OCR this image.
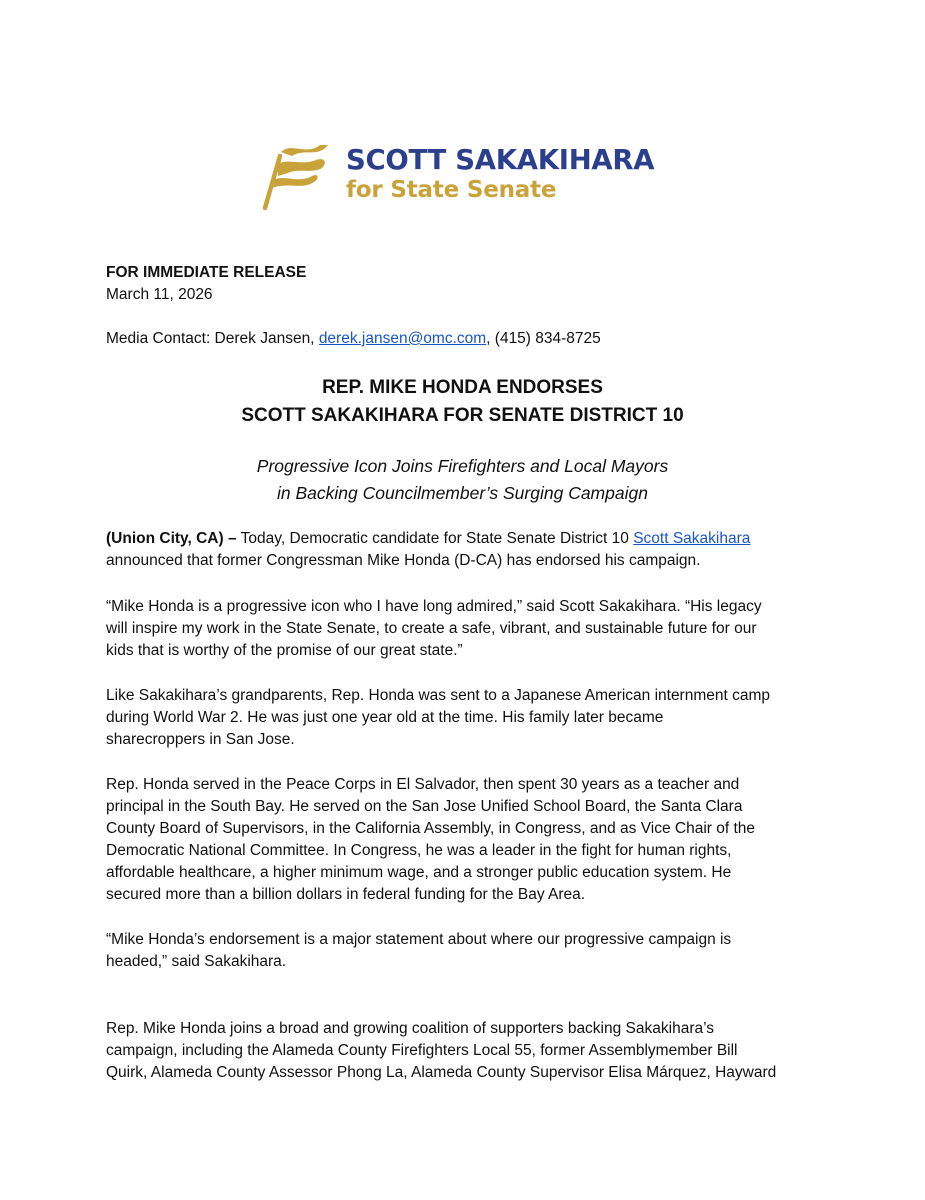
SCOTT SAKAKIHARA
for State Senate
FOR IMMEDIATE RELEASE
March 11, 2026
Media Contact: Derek Jansen, derek.jansen@omc.com, (415) 834-8725
REP. MIKE HONDA ENDORSES
SCOTT SAKAKIHARA FOR SENATE DISTRICT 10
Progressive Icon Joins Firefighters and Local Mayors
in Backing Councilmember’s Surging Campaign
(Union City, CA) – Today, Democratic candidate for State Senate District 10 Scott Sakakihara
announced that former Congressman Mike Honda (D-CA) has endorsed his campaign.
“Mike Honda is a progressive icon who I have long admired,” said Scott Sakakihara. “His legacy
will inspire my work in the State Senate, to create a safe, vibrant, and sustainable future for our
kids that is worthy of the promise of our great state.”
Like Sakakihara’s grandparents, Rep. Honda was sent to a Japanese American internment camp
during World War 2. He was just one year old at the time. His family later became
sharecroppers in San Jose.
Rep. Honda served in the Peace Corps in El Salvador, then spent 30 years as a teacher and
principal in the South Bay. He served on the San Jose Unified School Board, the Santa Clara
County Board of Supervisors, in the California Assembly, in Congress, and as Vice Chair of the
Democratic National Committee. In Congress, he was a leader in the fight for human rights,
affordable healthcare, a higher minimum wage, and a stronger public education system. He
secured more than a billion dollars in federal funding for the Bay Area.
“Mike Honda’s endorsement is a major statement about where our progressive campaign is
headed,” said Sakakihara.
Rep. Mike Honda joins a broad and growing coalition of supporters backing Sakakihara’s
campaign, including the Alameda County Firefighters Local 55, former Assemblymember Bill
Quirk, Alameda County Assessor Phong La, Alameda County Supervisor Elisa Márquez, Hayward
